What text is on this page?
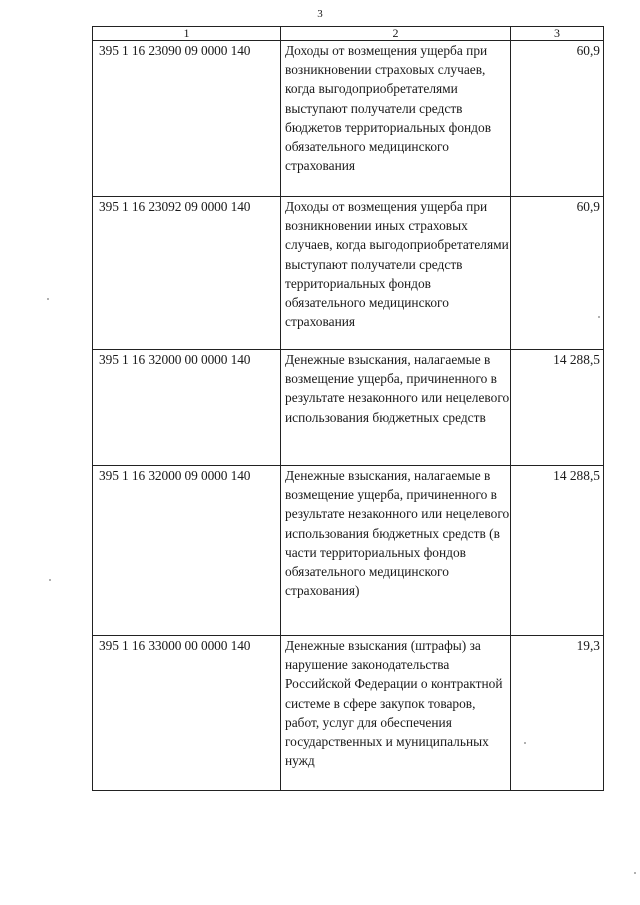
3
1	2	3
395 1 16 23090 09 0000 140	Доходы от возмещения ущерба при возникновении страховых случаев, когда выгодоприобретателями выступают получатели средств бюджетов территориальных фондов обязательного медицинского страхования	60,9
395 1 16 23092 09 0000 140	Доходы от возмещения ущерба при возникновении иных страховых случаев, когда выгодоприобретателями выступают получатели средств территориальных фондов обязательного медицинского страхования	60,9
395 1 16 32000 00 0000 140	Денежные взыскания, налагаемые в возмещение ущерба, причиненного в результате незаконного или нецелевого использования бюджетных средств	14 288,5
395 1 16 32000 09 0000 140	Денежные взыскания, налагаемые в возмещение ущерба, причиненного в результате незаконного или нецелевого использования бюджетных средств (в части территориальных фондов обязательного медицинского страхования)	14 288,5
395 1 16 33000 00 0000 140	Денежные взыскания (штрафы) за нарушение законодательства Российской Федерации о контрактной системе в сфере закупок товаров, работ, услуг для обеспечения государственных и муниципальных нужд	19,3
